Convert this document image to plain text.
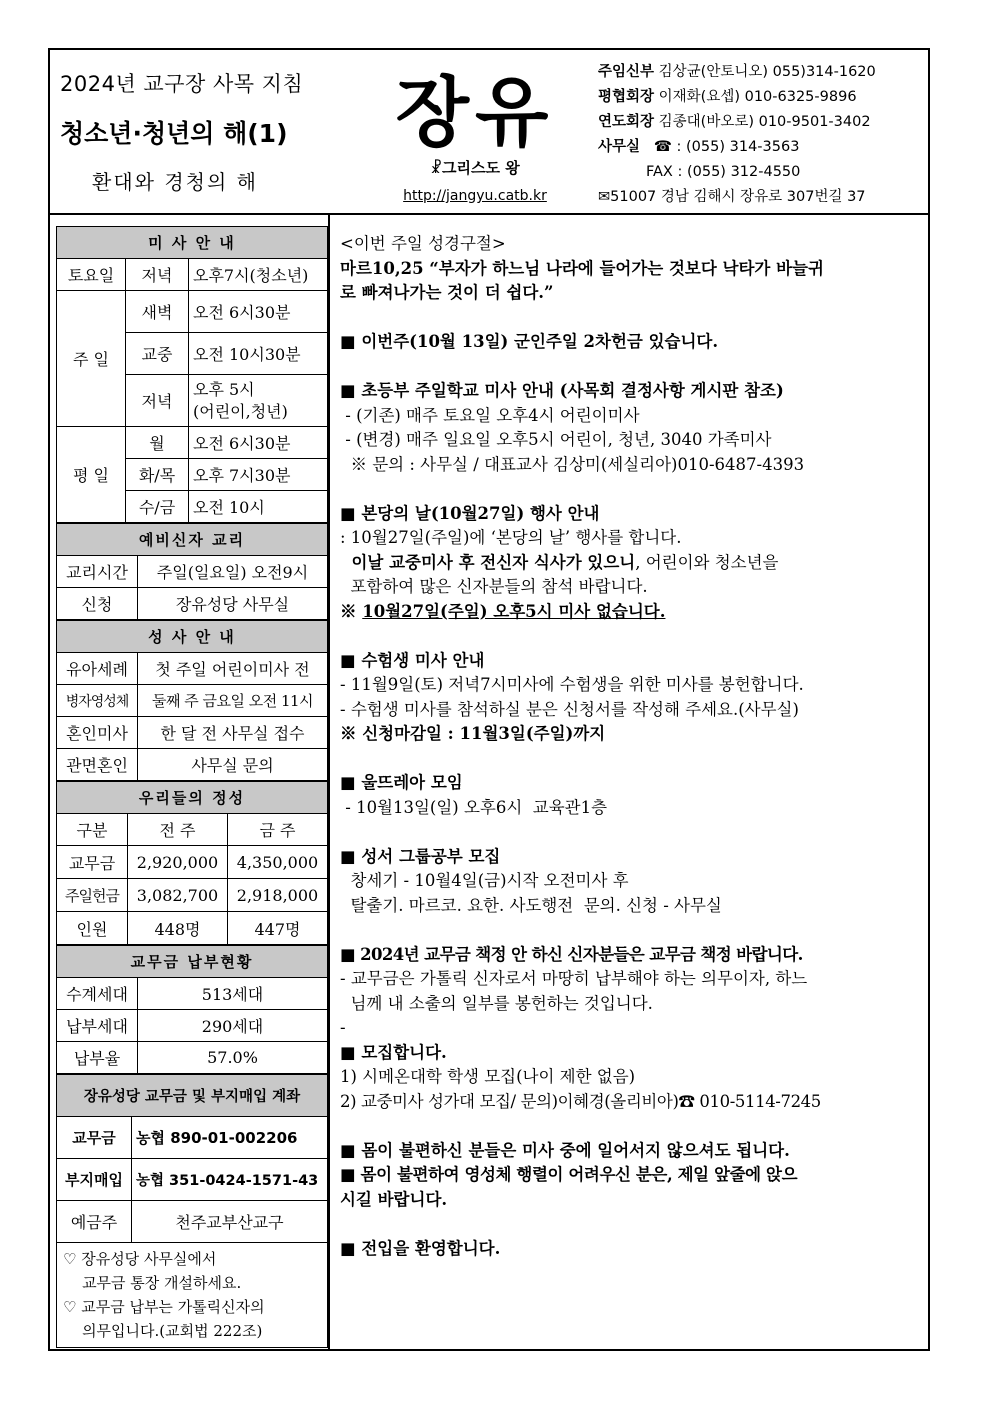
2024년 교구장 사목 지침
청소년·청년의 해(1)
환대와 경청의 해
장유
☧그리스도 왕
http://jangyu.catb.kr
주임신부 김상균(안토니오) 055)314-1620
평협회장 이재화(요셉) 010-6325-9896
연도회장 김종대(바오로) 010-9501-3402
사무실 ☎ : (055) 314-3563
FAX : (055) 312-4550
✉51007 경남 김해시 장유로 307번길 37
미 사 안 내		
토요일	저녁	오후7시(청소년)
주 일	새벽	오전 6시30분
	교중	오전 10시30분
	저녁	오후 5시
(어린이,청년)

평 일	월	오전 6시30분
	화/목	오후 7시30분
	수/금	오전 10시
예비신자 교리	
교리시간	주일(일요일) 오전9시
신청	장유성당 사무실
성 사 안 내	
유아세례	첫 주일 어린이미사 전
병자영성체	둘째 주 금요일 오전 11시
혼인미사	한 달 전 사무실 접수
관면혼인	사무실 문의
우리들의 정성		
구분	전 주	금 주
교무금	2,920,000	4,350,000
주일헌금	3,082,700	2,918,000
인원	448명	447명
교무금 납부현황	
수계세대	513세대
납부세대	290세대
납부율	57.0%
장유성당 교무금 및 부지매입 계좌	
교무금	농협 890-01-002206
부지매입	농협 351-0424-1571-43
예금주	천주교부산교구
♡ 장유성당 사무실에서
교무금 통장 개설하세요.
♡ 교무금 납부는 가톨릭신자의
의무입니다.(교회법 222조)
<이번 주일 성경구절>
마르10,25 “부자가 하느님 나라에 들어가는 것보다 낙타가 바늘귀
로 빠져나가는 것이 더 쉽다.”
■ 이번주(10월 13일) 군인주일 2차헌금 있습니다.
■ 초등부 주일학교 미사 안내 (사목회 결정사항 게시판 참조)
- (기존) 매주 토요일 오후4시 어린이미사
- (변경) 매주 일요일 오후5시 어린이, 청년, 3040 가족미사
※ 문의 : 사무실 / 대표교사 김상미(세실리아)010-6487-4393
■ 본당의 날(10월27일) 행사 안내
: 10월27일(주일)에 ‘본당의 날’ 행사를 합니다.
이날 교중미사 후 전신자 식사가 있으니, 어린이와 청소년을
포함하여 많은 신자분들의 참석 바랍니다.
※ 10월27일(주일) 오후5시 미사 없습니다.
■ 수험생 미사 안내
- 11월9일(토) 저녁7시미사에 수험생을 위한 미사를 봉헌합니다.
- 수험생 미사를 참석하실 분은 신청서를 작성해 주세요.(사무실)
※ 신청마감일 : 11월3일(주일)까지
■ 울뜨레아 모임
- 10월13일(일) 오후6시  교육관1층
■ 성서 그룹공부 모집
창세기 - 10월4일(금)시작 오전미사 후
탈출기. 마르코. 요한. 사도행전  문의. 신청 - 사무실
■ 2024년 교무금 책정 안 하신 신자분들은 교무금 책정 바랍니다.
- 교무금은 가톨릭 신자로서 마땅히 납부해야 하는 의무이자, 하느
님께 내 소출의 일부를 봉헌하는 것입니다.
-
■ 모집합니다.
1) 시메온대학 학생 모집(나이 제한 없음)
2) 교중미사 성가대 모집/ 문의)이혜경(올리비아)☎ 010-5114-7245
■ 몸이 불편하신 분들은 미사 중에 일어서지 않으셔도 됩니다.
■ 몸이 불편하여 영성체 행렬이 어려우신 분은, 제일 앞줄에 앉으
시길 바랍니다.
■ 전입을 환영합니다.
